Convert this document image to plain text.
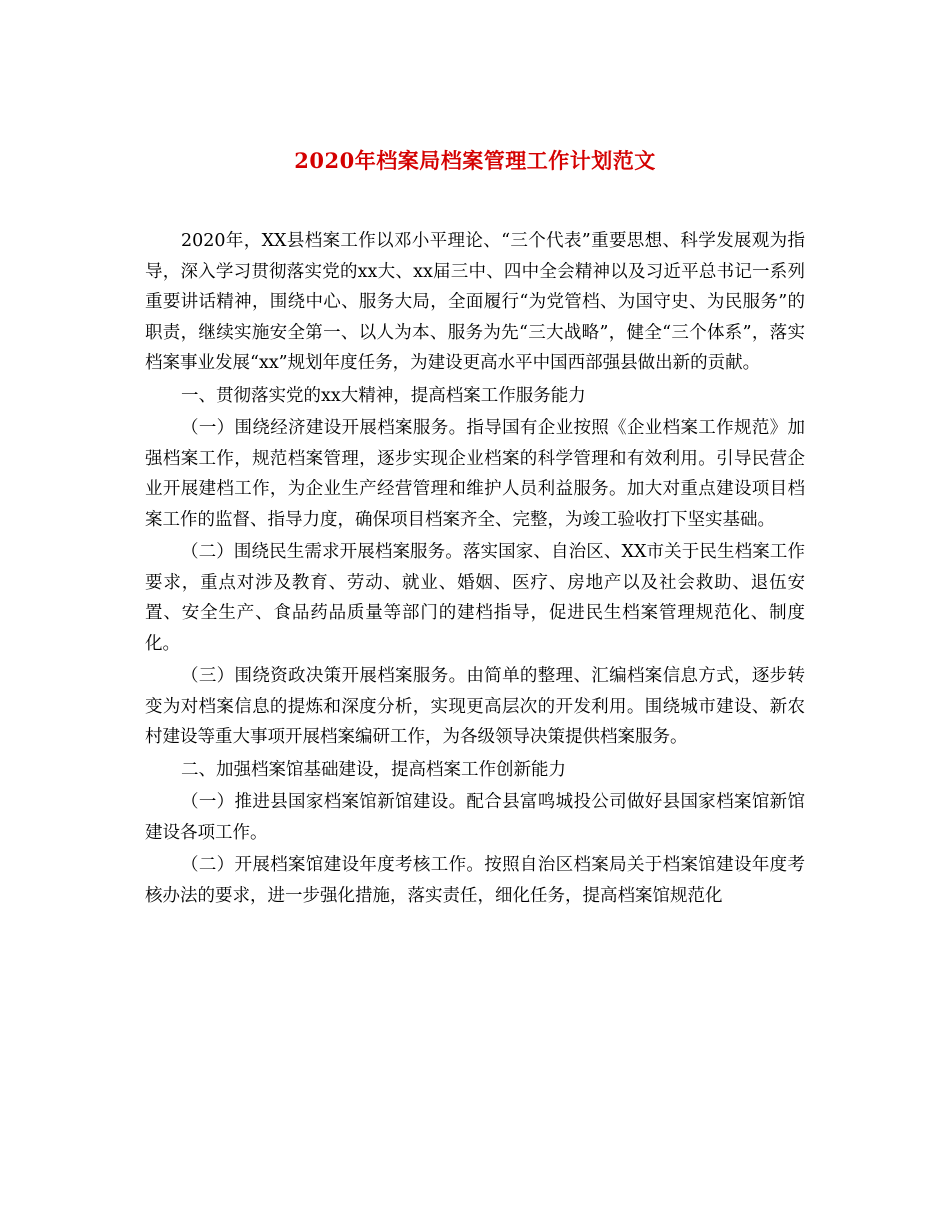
2020年档案局档案管理工作计划范文

2020年，XX县档案工作以邓小平理论、“三个代表”重要思想、科学发展观为指导，深入学习贯彻落实党的xx大、xx届三中、四中全会精神以及习近平总书记一系列重要讲话精神，围绕中心、服务大局，全面履行“为党管档、为国守史、为民服务”的职责，继续实施安全第一、以人为本、服务为先“三大战略”，健全“三个体系”，落实档案事业发展“xx”规划年度任务，为建设更高水平中国西部强县做出新的贡献。

一、贯彻落实党的xx大精神，提高档案工作服务能力

（一）围绕经济建设开展档案服务。指导国有企业按照《企业档案工作规范》加强档案工作，规范档案管理，逐步实现企业档案的科学管理和有效利用。引导民营企业开展建档工作，为企业生产经营管理和维护人员利益服务。加大对重点建设项目档案工作的监督、指导力度，确保项目档案齐全、完整，为竣工验收打下坚实基础。

（二）围绕民生需求开展档案服务。落实国家、自治区、XX市关于民生档案工作要求，重点对涉及教育、劳动、就业、婚姻、医疗、房地产以及社会救助、退伍安置、安全生产、食品药品质量等部门的建档指导，促进民生档案管理规范化、制度化。

（三）围绕资政决策开展档案服务。由简单的整理、汇编档案信息方式，逐步转变为对档案信息的提炼和深度分析，实现更高层次的开发利用。围绕城市建设、新农村建设等重大事项开展档案编研工作，为各级领导决策提供档案服务。

二、加强档案馆基础建设，提高档案工作创新能力

（一）推进县国家档案馆新馆建设。配合县富鸣城投公司做好县国家档案馆新馆建设各项工作。

（二）开展档案馆建设年度考核工作。按照自治区档案局关于档案馆建设年度考核办法的要求，进一步强化措施，落实责任，细化任务，提高档案馆规范化
